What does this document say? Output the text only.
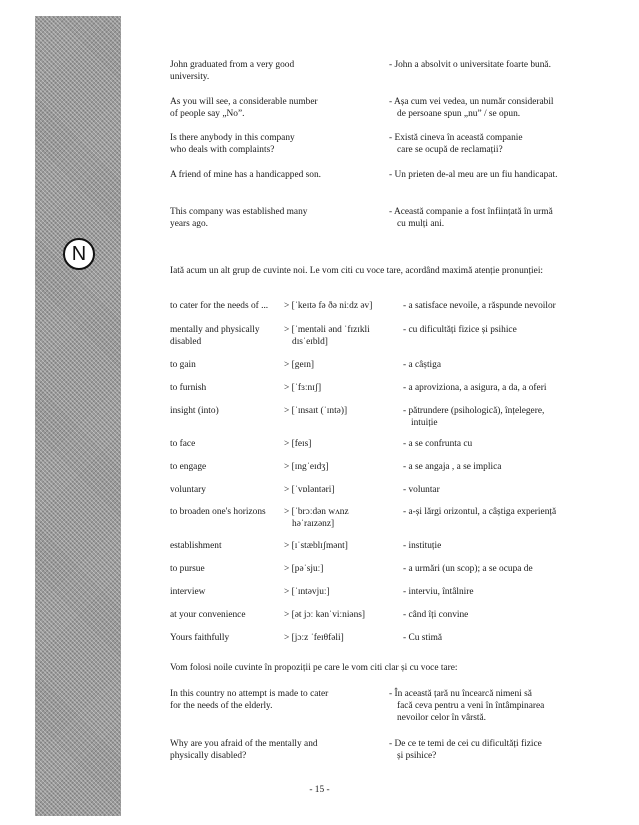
N
John graduated from a very good
university.
- John a absolvit o universitate foarte bună.
As you will see, a considerable number
of people say „No”.
- Așa cum vei vedea, un număr considerabil
de persoane spun „nu” / se opun.
Is there anybody in this company
who deals with complaints?
- Există cineva în această companie
care se ocupă de reclamații?
A friend of mine has a handicapped son.	- Un prieten de-al meu are un fiu handicapat.
This company was established many
years ago.
- Această companie a fost înființată în urmă
cu mulți ani.
Iată acum un alt grup de cuvinte noi. Le vom citi cu voce tare, acordând maximă atenție pronunției:
to cater for the needs of ...	> [ˈkeɪtə fə ðə niːdz əv]	- a satisface nevoile, a răspunde nevoilor
mentally and physically
disabled
> [ˈmentəli ənd ˈfɪzɪkli
dɪsˈeɪbld]
- cu dificultăți fizice și psihice
to gain	> [geɪn]	- a câștiga
to furnish	> [ˈfɜːnɪʃ]	- a aproviziona, a asigura, a da, a oferi
insight (into)	> [ˈɪnsaɪt (ˈɪntə)]	- pătrundere (psihologică), înțelegere,
intuiție
to face	> [feɪs]	- a se confrunta cu
to engage	> [ɪngˈeɪdʒ]	- a se angaja , a se implica
voluntary	> [ˈvɒləntəri]	- voluntar
to broaden one's horizons	> [ˈbrɔːdən wʌnz
həˈraɪzənz]
- a-și lărgi orizontul, a câștiga experiență
establishment	> [ɪˈstæblɪʃmənt]	- instituție
to pursue	> [pəˈsjuː]	- a urmări (un scop); a se ocupa de
interview	> [ˈɪntəvjuː]	- interviu, întâlnire
at your convenience	> [ət jɔː kənˈviːniəns]	- când îți convine
Yours faithfully	> [jɔːz ˈfeɪθfəli]	- Cu stimă
Vom folosi noile cuvinte în propoziții pe care le vom citi clar și cu voce tare:
In this country no attempt is made to cater
for the needs of the elderly.
- În această țară nu încearcă nimeni să
facă ceva pentru a veni în întâmpinarea
nevoilor celor în vârstă.
Why are you afraid of the mentally and
physically disabled?
- De ce te temi de cei cu dificultăți fizice
și psihice?
- 15 -
